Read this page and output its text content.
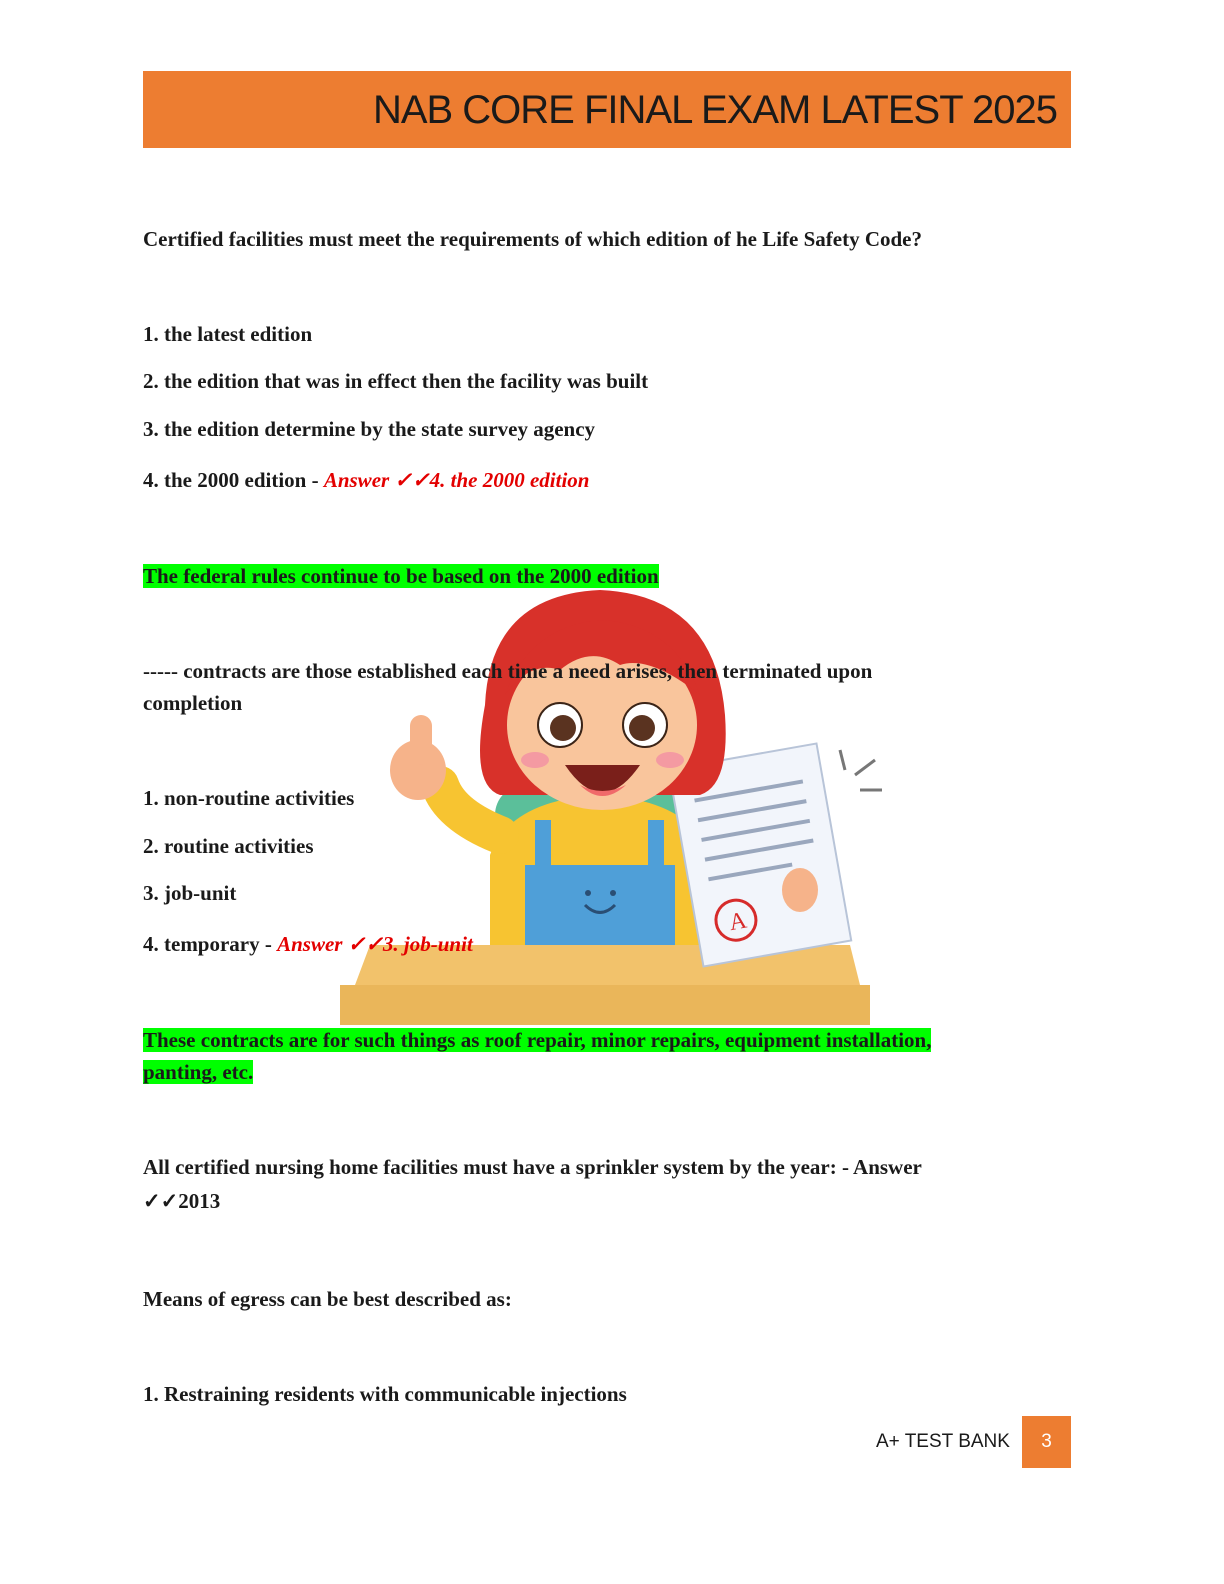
NAB CORE FINAL EXAM LATEST 2025
A
Certified facilities must meet the requirements of which edition of he Life Safety Code?
1. the latest edition
2. the edition that was in effect then the facility was built
3. the edition determine by the state survey agency
4. the 2000 edition - Answer ✓✓4. the 2000 edition
The federal rules continue to be based on the 2000 edition
----- contracts are those established each time a need arises, then terminated upon
completion
1. non-routine activities
2. routine activities
3. job-unit
4. temporary - Answer ✓✓3. job-unit
These contracts are for such things as roof repair, minor repairs, equipment installation,
panting, etc.
All certified nursing home facilities must have a sprinkler system by the year: - Answer
✓✓2013
Means of egress can be best described as:
1. Restraining residents with communicable injections
A+ TEST BANK 3
